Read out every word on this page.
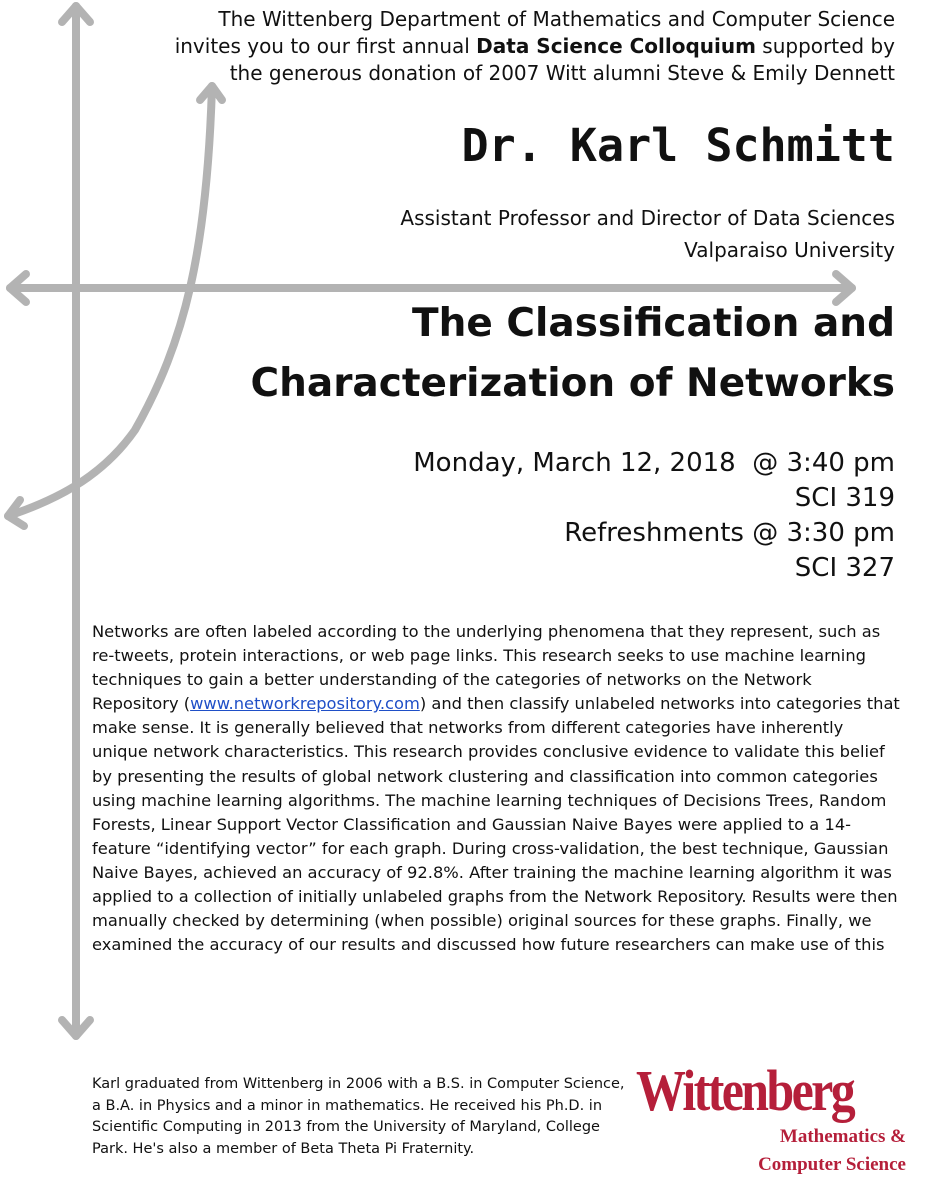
The Wittenberg Department of Mathematics and Computer Science
invites you to our first annual Data Science Colloquium supported by
the generous donation of 2007 Witt alumni Steve & Emily Dennett
Dr. Karl Schmitt
Assistant Professor and Director of Data Sciences
Valparaiso University
The Classification and
Characterization of Networks
Monday, March 12, 2018  @ 3:40 pm
SCI 319
Refreshments @ 3:30 pm
SCI 327
Networks are often labeled according to the underlying phenomena that they represent, such as re-tweets, protein interactions, or web page links. This research seeks to use machine learning techniques to gain a better understanding of the categories of networks on the Network Repository (www.networkrepository.com) and then classify unlabeled networks into categories that make sense. It is generally believed that networks from different categories have inherently unique network characteristics. This research provides conclusive evidence to validate this belief by presenting the results of global network clustering and classification into common categories using machine learning algorithms. The machine learning techniques of Decisions Trees, Random Forests, Linear Support Vector Classification and Gaussian Naive Bayes were applied to a 14-feature “identifying vector” for each graph. During cross-validation, the best technique, Gaussian Naive Bayes, achieved an accuracy of 92.8%. After training the machine learning algorithm it was applied to a collection of initially unlabeled graphs from the Network Repository. Results were then manually checked by determining (when possible) original sources for these graphs. Finally, we examined the accuracy of our results and discussed how future researchers can make use of this
Karl graduated from Wittenberg in 2006 with a B.S. in Computer Science, a B.A. in Physics and a minor in mathematics. He received his Ph.D. in Scientific Computing in 2013 from the University of Maryland, College Park. He's also a member of Beta Theta Pi Fraternity.
Wittenberg
Mathematics &
Computer Science
